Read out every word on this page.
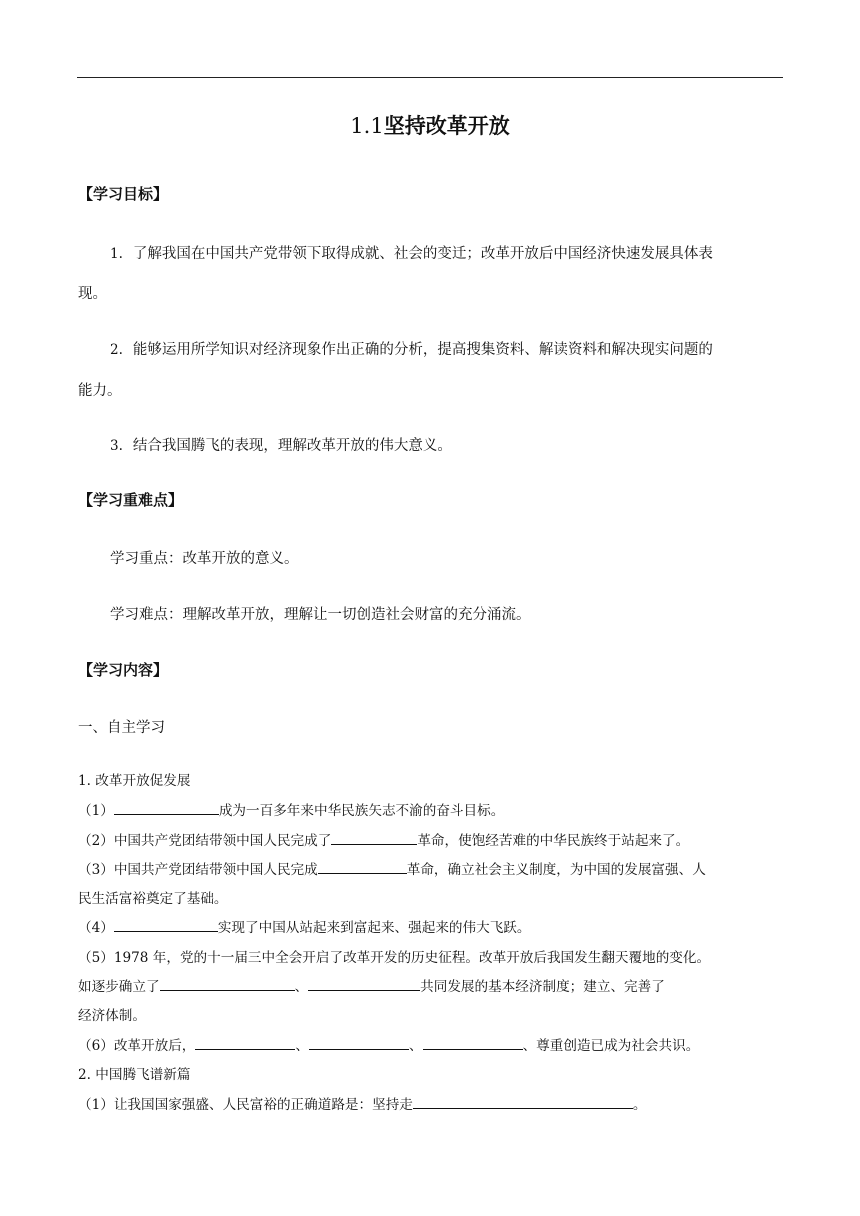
1.1坚持改革开放
【学习目标】
1. 了解我国在中国共产党带领下取得成就、社会的变迁；改革开放后中国经济快速发展具体表
现。
2. 能够运用所学知识对经济现象作出正确的分析，提高搜集资料、解读资料和解决现实问题的
能力。
3. 结合我国腾飞的表现，理解改革开放的伟大意义。
【学习重难点】
学习重点：改革开放的意义。
学习难点：理解改革开放，理解让一切创造社会财富的充分涌流。
【学习内容】
一、自主学习
1. 改革开放促发展
（1）	成为一百多年来中华民族矢志不渝的奋斗目标。
（2）中国共产党团结带领中国人民完成了	革命，使饱经苦难的中华民族终于站起来了。
（3）中国共产党团结带领中国人民完成	革命，确立社会主义制度，为中国的发展富强、人
民生活富裕奠定了基础。
（4）	实现了中国从站起来到富起来、强起来的伟大飞跃。
（5）1978 年，党的十一届三中全会开启了改革开发的历史征程。改革开放后我国发生翻天覆地的变化。
如逐步确立了	、	共同发展的基本经济制度；建立、完善了
经济体制。
（6）改革开放后，	、	、	、尊重创造已成为社会共识。
2. 中国腾飞谱新篇
（1）让我国国家强盛、人民富裕的正确道路是：坚持走	。
